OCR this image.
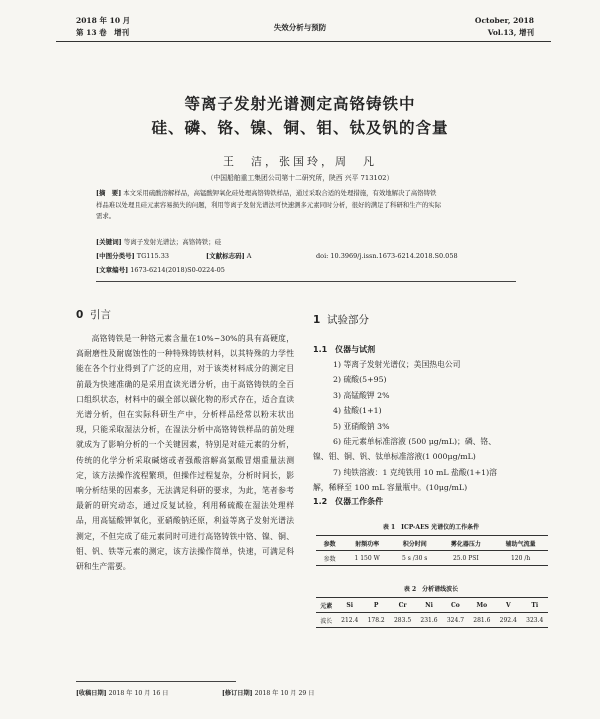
2018 年 10 月
第 13 卷　增刊
失效分析与预防
October, 2018
Vol.13, 增刊
等离子发射光谱测定高铬铸铁中
硅、磷、铬、镍、铜、钼、钛及钒的含量
王　洁，张国玲，周　凡
（中国船舶重工集团公司第十二研究所，陕西 兴平 713102）
[摘　要] 本文采用硫酸溶解样品，高锰酸钾氧化硅处理高铬铸铁样品，通过采取合适的处理措施，有效地解决了高铬铸铁
样品难以处理且硅元素容易损失的问题，利用等离子发射光谱法可快速测多元素同时分析，很好的满足了科研和生产的实际
需求。
[关键词] 等离子发射光谱法；高铬铸铁；硅
[中图分类号] TG115.33	[文献标志码] A	doi: 10.3969/j.issn.1673-6214.2018.S0.058
[文章编号] 1673-6214(2018)S0-0224-05
0 引言

高铬铸铁是一种铬元素含量在10%~30%的具有高硬度，高耐磨性及耐腐蚀性的一种特殊铸铁材料，以其特殊的力学性能在各个行业得到了广泛的应用，对于该类材料成分的测定目前最为快速准确的是采用直读光谱分析，由于高铬铸铁的全百口组织状态，材料中的碳全部以碳化物的形式存在，适合直读光谱分析，但在实际科研生产中，分析样品经常以粉末状出现，只能采取湿法分析，在湿法分析中高铬铸铁样品的前处理就成为了影响分析的一个关键因素，特别是对硅元素的分析，传统的化学分析采取碱熔或者强酸溶解高氯酸冒烟重量法测定，该方法操作流程繁琐，但操作过程复杂，分析时间长，影响分析结果的因素多，无法满足科研的要求，为此，笔者参考最新的研究动态，通过反复试验，利用稀硫酸在湿法处理样品，用高锰酸钾氧化，亚硝酸钠还原，利益等离子发射光谱法测定，不但完成了硅元素同时可进行高铬铸铁中铬、镍、铜、钼、钒、铁等元素的测定，该方法操作简单，快速，可满足科研和生产需要。

1 试验部分
1.1　仪器与试剂
1) 等离子发射光谱仪；美国热电公司
2) 硫酸(5+95)
3) 高锰酸钾 2%
4) 盐酸(1+1)
5) 亚硝酸钠 3%
6) 硅元素单标准溶液 (500 μg/mL)；磷、铬、
镍、钼、铜、钒、钛单标准溶液(1 000μg/mL)
7) 纯铁溶液：1 克纯铁用 10 mL 盐酸(1+1)溶
解，稀释至 100 mL 容量瓶中。(10μg/mL)
1.2　仪器工作条件
表 1　ICP-AES 光谱仪的工作条件
参数	射频功率	积分时间	雾化器压力	辅助气流量
参数	1 150 W	5 s /30 s	25.0 PSI	120 /h
表 2　分析谱线波长
元素	Si	P	Cr	Ni	Co	Mo	V	Ti
波长	212.4	178.2	283.5	231.6	324.7	281.6	292.4	323.4
[收稿日期] 2018 年 10 月 16 日	[修订日期] 2018 年 10 月 29 日
